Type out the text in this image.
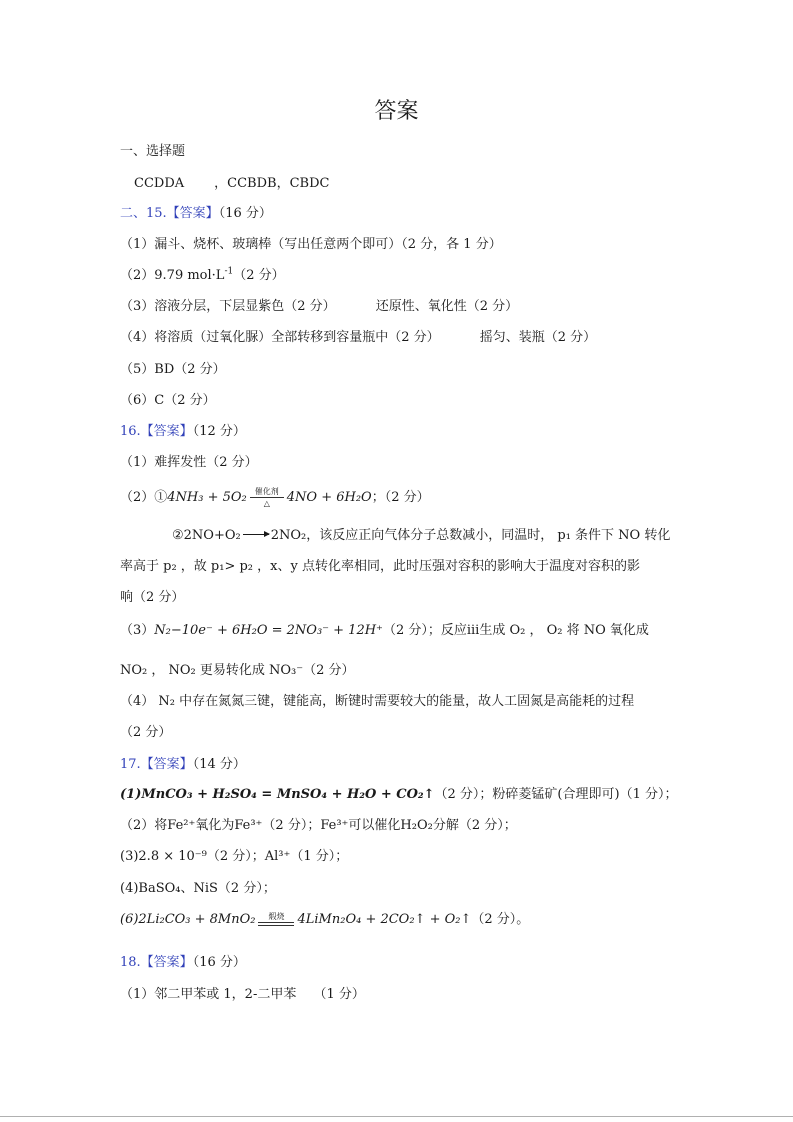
答案
一、选择题
CCDDA ，CCBDB，CBDC
二、15.【答案】（16 分）
（1）漏斗、烧杯、玻璃棒（写出任意两个即可）（2 分，各 1 分）
（2）9.79 $mol\cdot L^{-1}(2$ 分）
（3）溶液分层，下层显紫色（2 分）	还原性、氧化性（2 分）
（4）将溶质（过氧化脲）全部转移到容量瓶中（2 分）	摇匀、装瓶（2 分）
（5）BD（2 分）
（6）C（2 分）
16.【答案】（12 分）
（1）难挥发性（2 分）
（2）①4NH₃ + 5O₂ 催化剂
△ 4NO + 6H₂O；（2 分）
②2NO+O₂ → 2NO₂，该反应正向气体分子总数减小，同温时， p₁ 条件下 NO 转化
率高于 p₂ ，故 p₁> p₂ ，x、y 点转化率相同，此时压强对容积的影响大于温度对容积的影
响（2 分）
（3）N₂−10e⁻ + 6H₂O = 2NO₃⁻ + 12H⁺（2 分）；反应iii生成 O₂ ， O₂ 将 NO 氧化成
NO₂ ， NO₂ 更易转化成 NO₃⁻（2 分）
（4） N₂ 中存在氮氮三键，键能高，断键时需要较大的能量，故人工固氮是高能耗的过程
（2 分）
17.【答案】（14 分）
(1)MnCO₃ + H₂SO₄ = MnSO₄ + H₂O + CO₂↑（2 分）；粉碎菱锰矿(合理即可)（1 分）；
（2）将Fe²⁺氧化为Fe³⁺（2 分）；Fe³⁺可以催化H₂O₂分解（2 分）；
(3)2.8 × 10⁻⁹（2 分）；Al³⁺（1 分）；
(4)BaSO₄、NiS（2 分）；
(6)2Li₂CO₃ + 8MnO₂ 煅烧 4LiMn₂O₄ + 2CO₂↑ + O₂↑（2 分）。
18.【答案】（16 分）
（1）邻二甲苯或 1，2-二甲苯　 （1 分）
